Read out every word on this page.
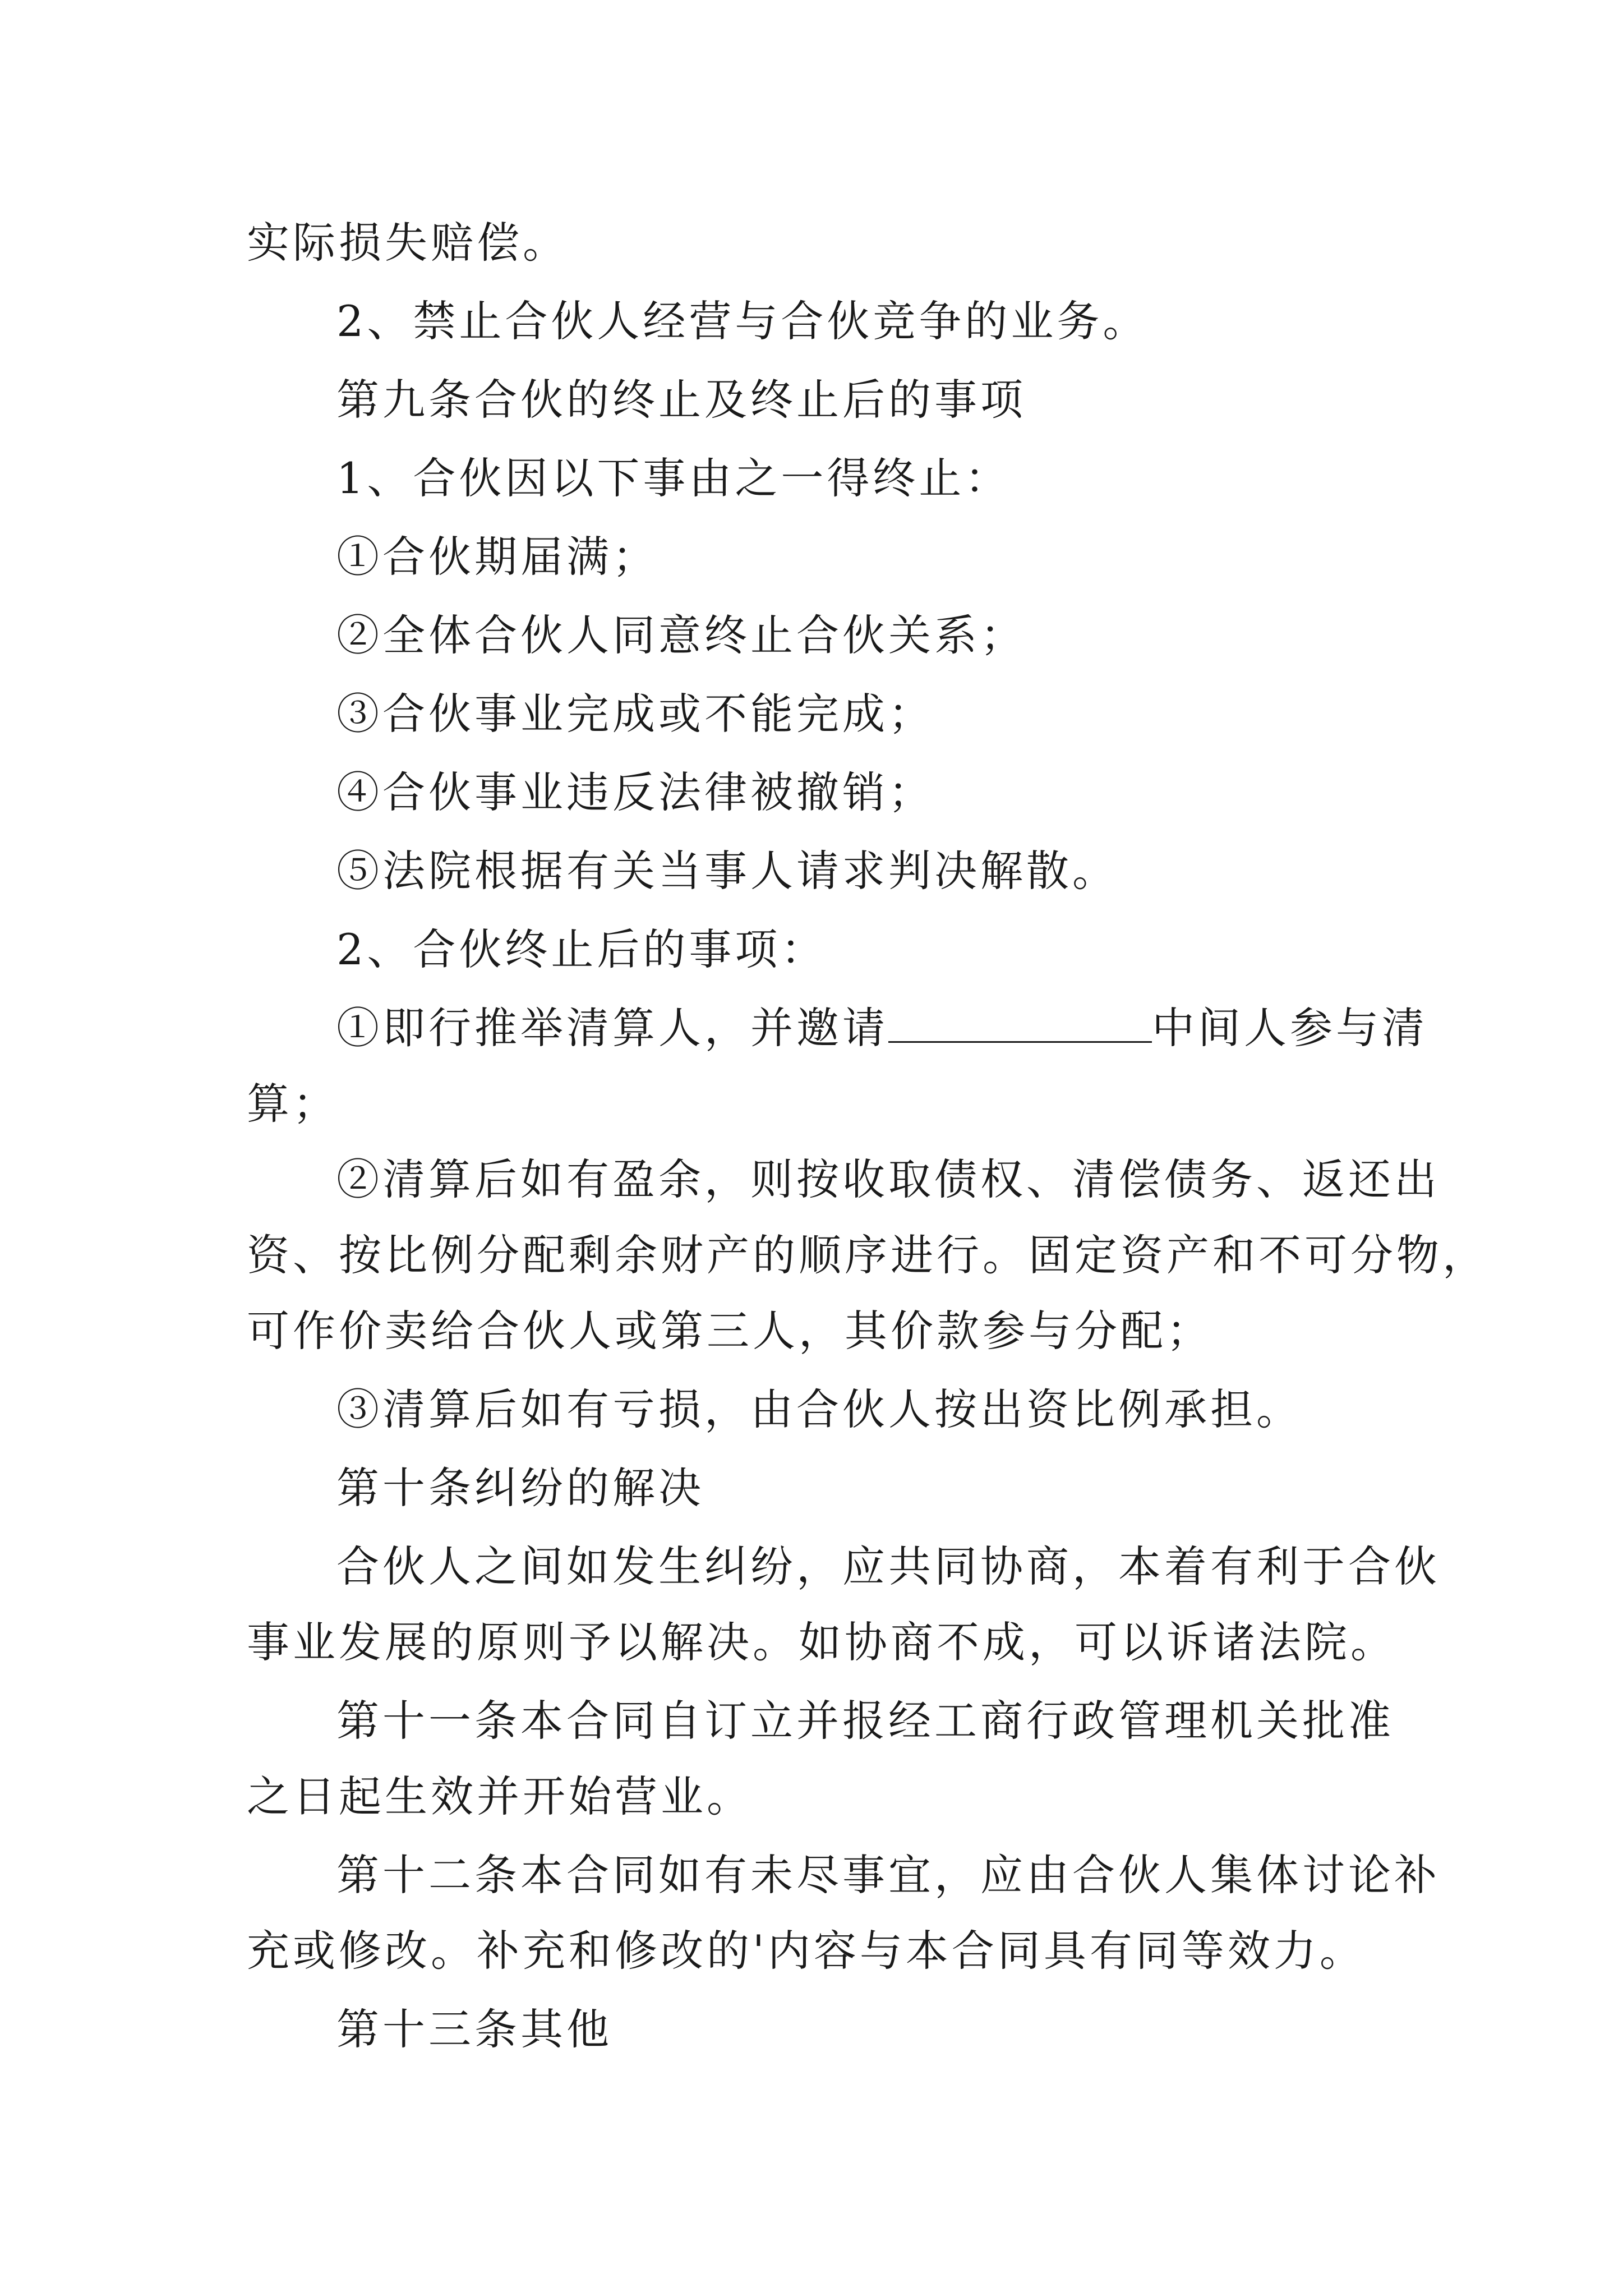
实际损失赔偿。
2、禁止合伙人经营与合伙竞争的业务。
第九条合伙的终止及终止后的事项
1、合伙因以下事由之一得终止：
①合伙期届满；
②全体合伙人同意终止合伙关系；
③合伙事业完成或不能完成；
④合伙事业违反法律被撤销；
⑤法院根据有关当事人请求判决解散。
2、合伙终止后的事项：
①即行推举清算人，并邀请	中间人参与清
算；
②清算后如有盈余，则按收取债权、清偿债务、返还出
资、按比例分配剩余财产的顺序进行。固定资产和不可分物，
可作价卖给合伙人或第三人，其价款参与分配；
③清算后如有亏损，由合伙人按出资比例承担。
第十条纠纷的解决
合伙人之间如发生纠纷，应共同协商，本着有利于合伙
事业发展的原则予以解决。如协商不成，可以诉诸法院。
第十一条本合同自订立并报经工商行政管理机关批准
之日起生效并开始营业。
第十二条本合同如有未尽事宜，应由合伙人集体讨论补
充或修改。补充和修改的'内容与本合同具有同等效力。
第十三条其他
